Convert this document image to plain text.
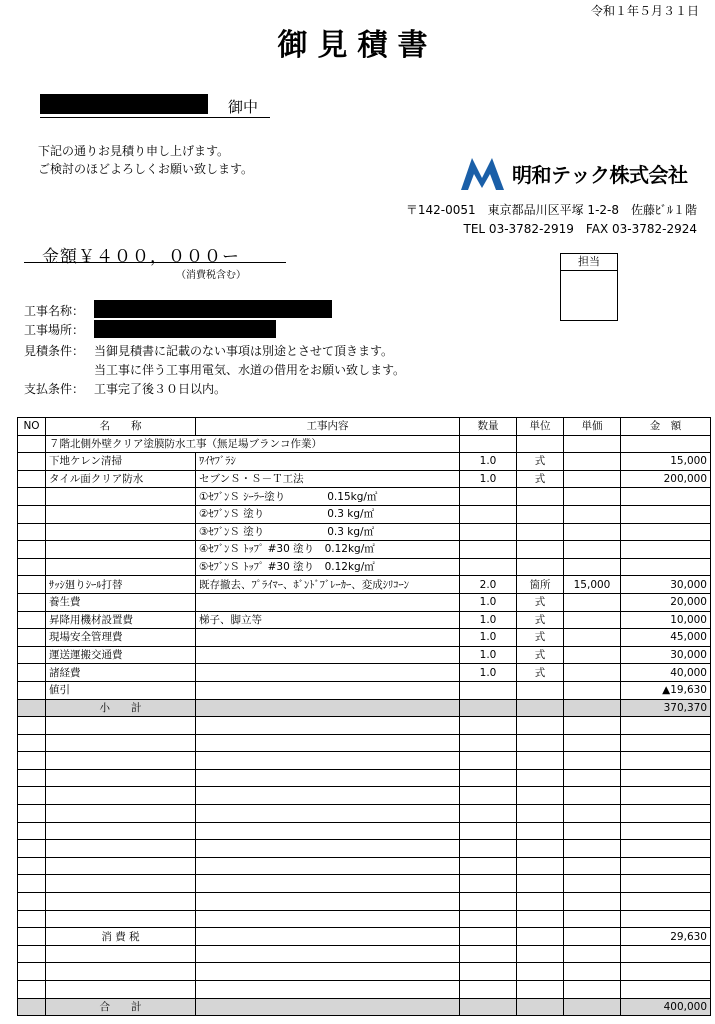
令和１年５月３１日
御見積書
御中
下記の通りお見積り申し上げます。
ご検討のほどよろしくお願い致します。	明和テック株式会社
〒142-0051　東京都品川区平塚 1-2-8　佐藤ﾋﾞﾙ１階
TEL 03-3782-2919　FAX 03-3782-2924
金額￥４００，０００ー
（消費税含む）
担当
工事名称：
工事場所：
見積条件： 当御見積書に記載のない事項は別途とさせて頂きます。
当工事に伴う工事用電気、水道の借用をお願い致します。
支払条件： 工事完了後３０日以内。
NO	名　　称	工事内容	数量	単位	単価	金　額
	７階北側外壁クリア塗膜防水工事（無足場ブランコ作業）					
	下地ケレン清掃	ﾜｲﾔﾌﾞﾗｼ	1.0	式		15,000
	タイル面クリア防水	セブンＳ・Ｓ－Ｔ工法	1.0	式		200,000
		①ｾﾌﾞﾝＳ ｼｰﾗｰ塗り　　　　0.15kg/㎡				
		②ｾﾌﾞﾝＳ 塗り　　　　　　0.3 kg/㎡				
		③ｾﾌﾞﾝＳ 塗り　　　　　　0.3 kg/㎡				
		④ｾﾌﾞﾝＳ ﾄｯﾌﾟ #30 塗り　0.12kg/㎡				
		⑤ｾﾌﾞﾝＳ ﾄｯﾌﾟ #30 塗り　0.12kg/㎡				
	ｻｯｼ廻りｼｰﾙ打替	既存撤去、ﾌﾟﾗｲﾏｰ、ﾎﾞﾝﾄﾞﾌﾞﾚｰｶｰ、変成ｼﾘｺｰﾝ	2.0	箇所	15,000	30,000
	養生費		1.0	式		20,000
	昇降用機材設置費	梯子、脚立等	1.0	式		10,000
	現場安全管理費		1.0	式		45,000
	運送運搬交通費		1.0	式		30,000
	諸経費		1.0	式		40,000
	値引					▲19,630
	小　　計					370,370

	消 費 税					29,630

	合　　計					400,000
